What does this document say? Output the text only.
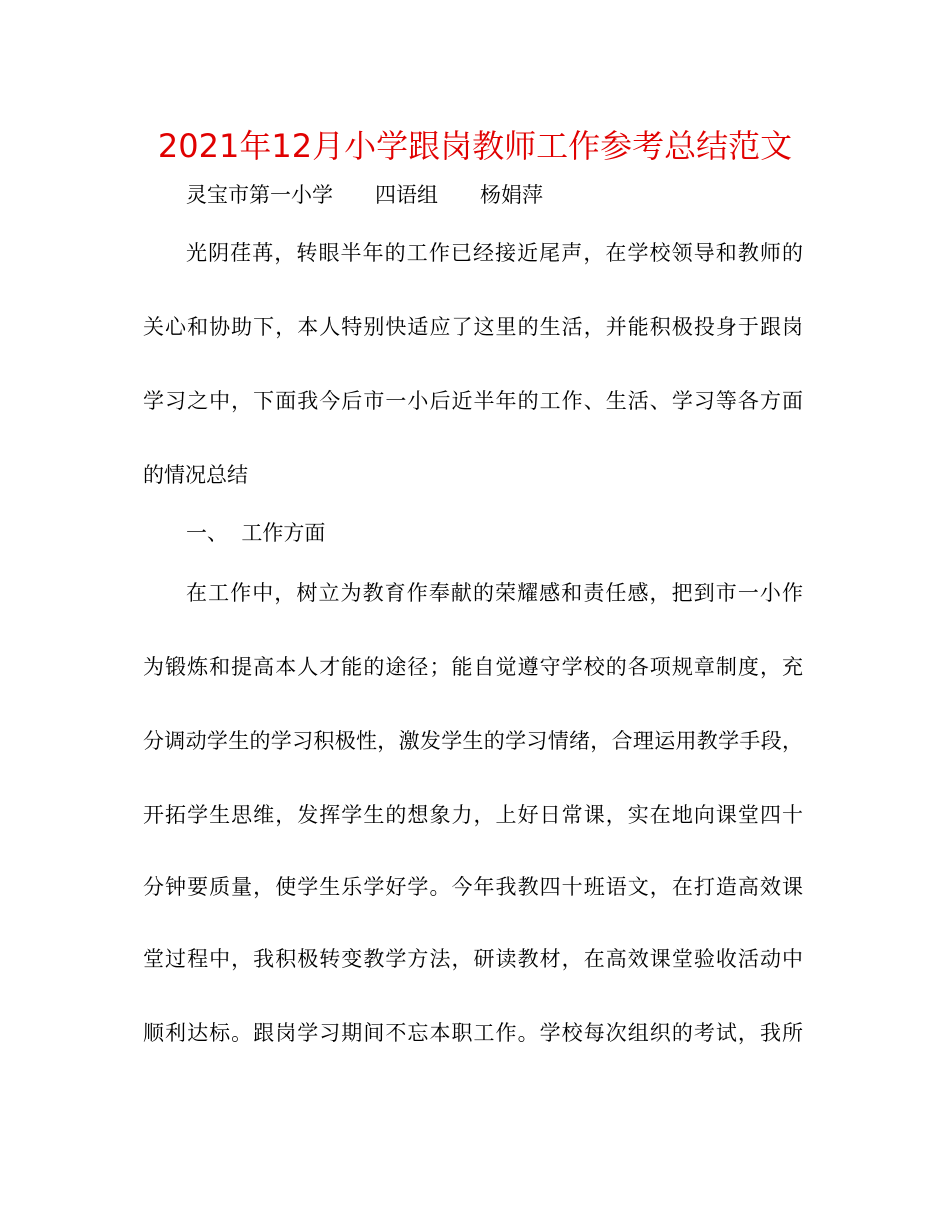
2021年12月小学跟岗教师工作参考总结范文
灵宝市第一小学 四语组 杨娟萍
光阴荏苒，转眼半年的工作已经接近尾声，在学校领导和教师的
关心和协助下，本人特别快适应了这里的生活，并能积极投身于跟岗
学习之中，下面我今后市一小后近半年的工作、生活、学习等各方面
的情况总结
一、  工作方面
在工作中，树立为教育作奉献的荣耀感和责任感，把到市一小作
为锻炼和提高本人才能的途径；能自觉遵守学校的各项规章制度，充
分调动学生的学习积极性，激发学生的学习情绪，合理运用教学手段，
开拓学生思维，发挥学生的想象力，上好日常课，实在地向课堂四十
分钟要质量，使学生乐学好学。今年我教四十班语文，在打造高效课
堂过程中，我积极转变教学方法，研读教材，在高效课堂验收活动中
顺利达标。跟岗学习期间不忘本职工作。学校每次组织的考试，我所
